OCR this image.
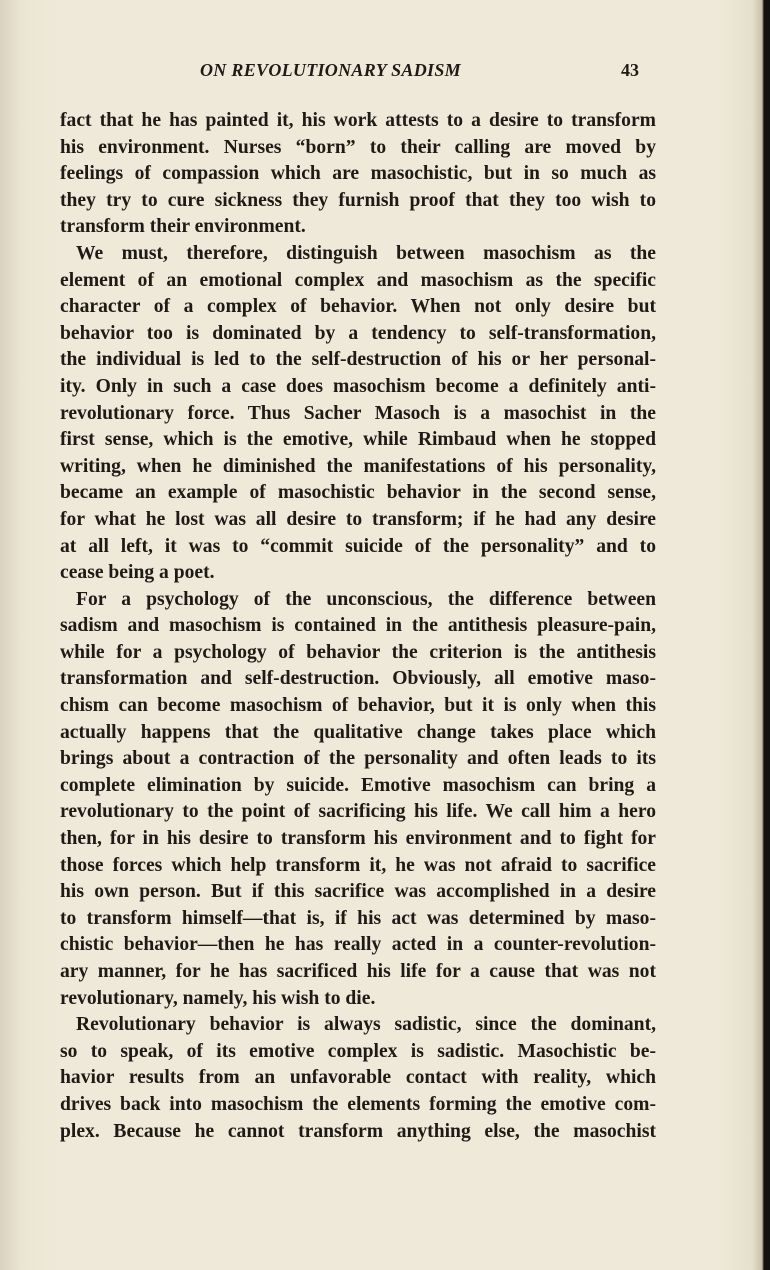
ON REVOLUTIONARY SADISM	43
fact that he has painted it, his work attests to a desire to transform
his environment. Nurses “born” to their calling are moved by
feelings of compassion which are masochistic, but in so much as
they try to cure sickness they furnish proof that they too wish to
transform their environment.
We must, therefore, distinguish between masochism as the
element of an emotional complex and masochism as the specific
character of a complex of behavior. When not only desire but
behavior too is dominated by a tendency to self-transformation,
the individual is led to the self-destruction of his or her personal-
ity. Only in such a case does masochism become a definitely anti-
revolutionary force. Thus Sacher Masoch is a masochist in the
first sense, which is the emotive, while Rimbaud when he stopped
writing, when he diminished the manifestations of his personality,
became an example of masochistic behavior in the second sense,
for what he lost was all desire to transform; if he had any desire
at all left, it was to “commit suicide of the personality” and to
cease being a poet.
For a psychology of the unconscious, the difference between
sadism and masochism is contained in the antithesis pleasure-pain,
while for a psychology of behavior the criterion is the antithesis
transformation and self-destruction. Obviously, all emotive maso-
chism can become masochism of behavior, but it is only when this
actually happens that the qualitative change takes place which
brings about a contraction of the personality and often leads to its
complete elimination by suicide. Emotive masochism can bring a
revolutionary to the point of sacrificing his life. We call him a hero
then, for in his desire to transform his environment and to fight for
those forces which help transform it, he was not afraid to sacrifice
his own person. But if this sacrifice was accomplished in a desire
to transform himself—that is, if his act was determined by maso-
chistic behavior—then he has really acted in a counter-revolution-
ary manner, for he has sacrificed his life for a cause that was not
revolutionary, namely, his wish to die.
Revolutionary behavior is always sadistic, since the dominant,
so to speak, of its emotive complex is sadistic. Masochistic be-
havior results from an unfavorable contact with reality, which
drives back into masochism the elements forming the emotive com-
plex. Because he cannot transform anything else, the masochist
